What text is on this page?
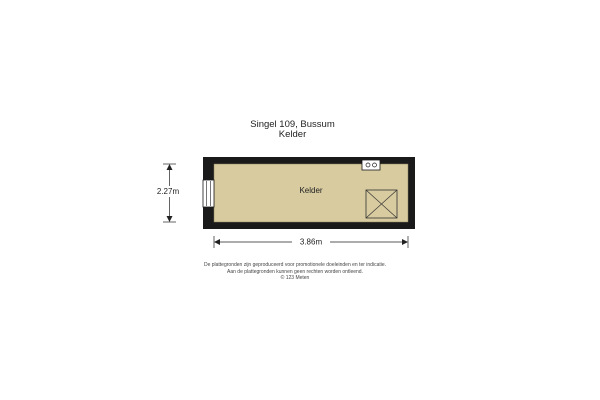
Singel 109, Bussum
Kelder
Kelder
2.27m
3.86m
De plattegronden zijn geproduceerd voor promotionele doeleinden en ter indicatie.
Aan de plattegronden kunnen geen rechten worden ontleend.
© 123 Meten
